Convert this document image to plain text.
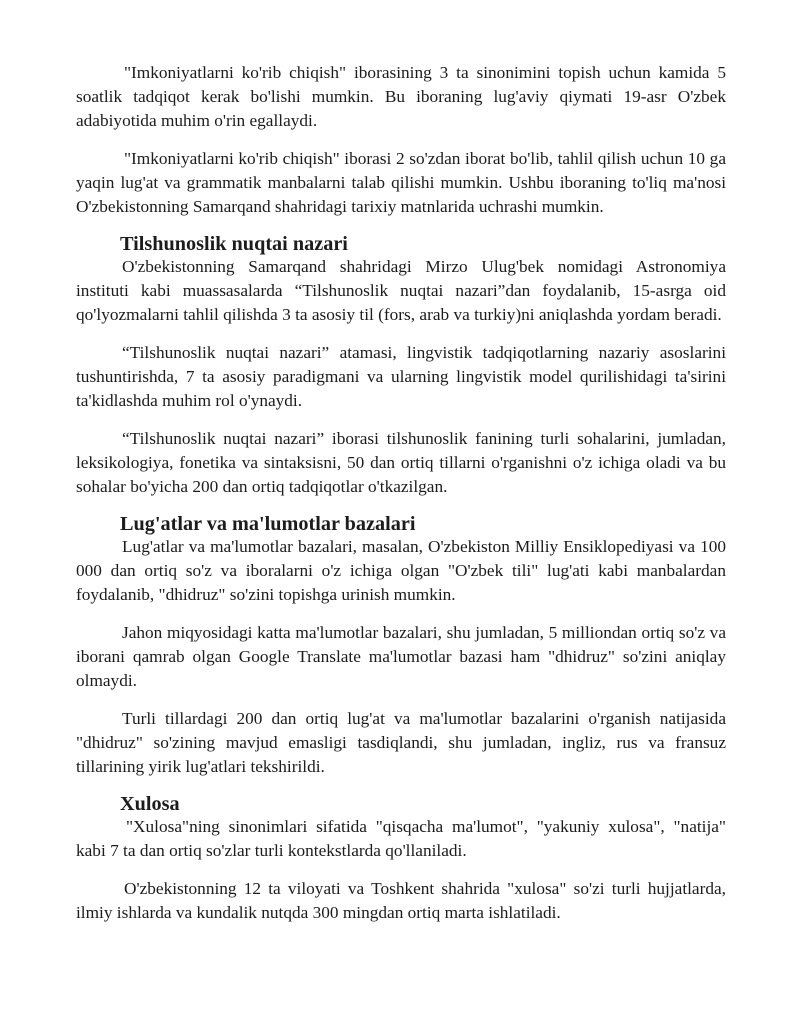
"Imkoniyatlarni ko'rib chiqish" iborasining 3 ta sinonimini topish uchun kamida 5 soatlik tadqiqot kerak bo'lishi mumkin. Bu iboraning lug'aviy qiymati 19-asr O'zbek adabiyotida muhim o'rin egallaydi.

"Imkoniyatlarni ko'rib chiqish" iborasi 2 so'zdan iborat bo'lib, tahlil qilish uchun 10 ga yaqin lug'at va grammatik manbalarni talab qilishi mumkin. Ushbu iboraning to'liq ma'nosi O'zbekistonning Samarqand shahridagi tarixiy matnlarida uchrashi mumkin.

Tilshunoslik nuqtai nazari

O'zbekistonning Samarqand shahridagi Mirzo Ulug'bek nomidagi Astronomiya instituti kabi muassasalarda “Tilshunoslik nuqtai nazari”dan foydalanib, 15-asrga oid qo'lyozmalarni tahlil qilishda 3 ta asosiy til (fors, arab va turkiy)ni aniqlashda yordam beradi.

“Tilshunoslik nuqtai nazari” atamasi, lingvistik tadqiqotlarning nazariy asoslarini tushuntirishda, 7 ta asosiy paradigmani va ularning lingvistik model qurilishidagi ta'sirini ta'kidlashda muhim rol o'ynaydi.

“Tilshunoslik nuqtai nazari” iborasi tilshunoslik fanining turli sohalarini, jumladan, leksikologiya, fonetika va sintaksisni, 50 dan ortiq tillarni o'rganishni o'z ichiga oladi va bu sohalar bo'yicha 200 dan ortiq tadqiqotlar o'tkazilgan.

Lug'atlar va ma'lumotlar bazalari

Lug'atlar va ma'lumotlar bazalari, masalan, O'zbekiston Milliy Ensiklopediyasi va 100 000 dan ortiq so'z va iboralarni o'z ichiga olgan "O'zbek tili" lug'ati kabi manbalardan foydalanib, "dhidruz" so'zini topishga urinish mumkin.

Jahon miqyosidagi katta ma'lumotlar bazalari, shu jumladan, 5 milliondan ortiq so'z va iborani qamrab olgan Google Translate ma'lumotlar bazasi ham "dhidruz" so'zini aniqlay olmaydi.

Turli tillardagi 200 dan ortiq lug'at va ma'lumotlar bazalarini o'rganish natijasida "dhidruz" so'zining mavjud emasligi tasdiqlandi, shu jumladan, ingliz, rus va fransuz tillarining yirik lug'atlari tekshirildi.

Xulosa

"Xulosa"ning sinonimlari sifatida "qisqacha ma'lumot", "yakuniy xulosa", "natija" kabi 7 ta dan ortiq so'zlar turli kontekstlarda qo'llaniladi.

O'zbekistonning 12 ta viloyati va Toshkent shahrida "xulosa" so'zi turli hujjatlarda, ilmiy ishlarda va kundalik nutqda 300 mingdan ortiq marta ishlatiladi.
